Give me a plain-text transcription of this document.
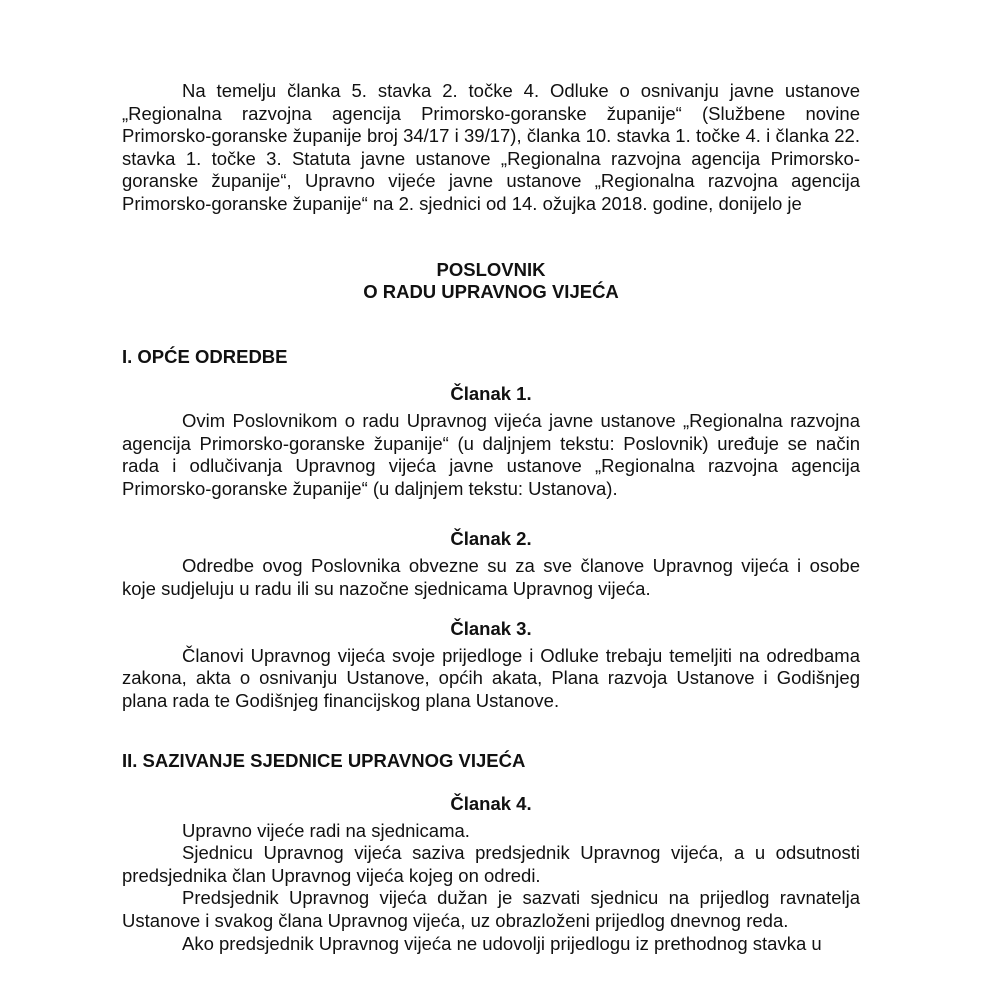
Na temelju članka 5. stavka 2. točke 4. Odluke o osnivanju javne ustanove „Regionalna razvojna agencija Primorsko-goranske županije“ (Službene novine Primorsko-goranske županije broj 34/17 i 39/17), članka 10. stavka 1. točke 4. i članka 22. stavka 1. točke 3. Statuta javne ustanove „Regionalna razvojna agencija Primorsko-goranske županije“, Upravno vijeće javne ustanove „Regionalna razvojna agencija Primorsko-goranske županije“ na 2. sjednici od 14. ožujka 2018. godine, donijelo je

POSLOVNIK
O RADU UPRAVNOG VIJEĆA
I. OPĆE ODREDBE
Članak 1.

Ovim Poslovnikom o radu Upravnog vijeća javne ustanove „Regionalna razvojna agencija Primorsko-goranske županije“ (u daljnjem tekstu: Poslovnik) uređuje se način rada i odlučivanja Upravnog vijeća javne ustanove „Regionalna razvojna agencija Primorsko-goranske županije“ (u daljnjem tekstu: Ustanova).

Članak 2.

Odredbe ovog Poslovnika obvezne su za sve članove Upravnog vijeća i osobe koje sudjeluju u radu ili su nazočne sjednicama Upravnog vijeća.

Članak 3.

Članovi Upravnog vijeća svoje prijedloge i Odluke trebaju temeljiti na odredbama zakona, akta o osnivanju Ustanove, općih akata, Plana razvoja Ustanove i Godišnjeg plana rada te Godišnjeg financijskog plana Ustanove.

II. SAZIVANJE SJEDNICE UPRAVNOG VIJEĆA
Članak 4.

Upravno vijeće radi na sjednicama.

Sjednicu Upravnog vijeća saziva predsjednik Upravnog vijeća, a u odsutnosti predsjednika član Upravnog vijeća kojeg on odredi.

Predsjednik Upravnog vijeća dužan je sazvati sjednicu na prijedlog ravnatelja Ustanove i svakog člana Upravnog vijeća, uz obrazloženi prijedlog dnevnog reda.

Ako predsjednik Upravnog vijeća ne udovolji prijedlogu iz prethodnog stavka u
